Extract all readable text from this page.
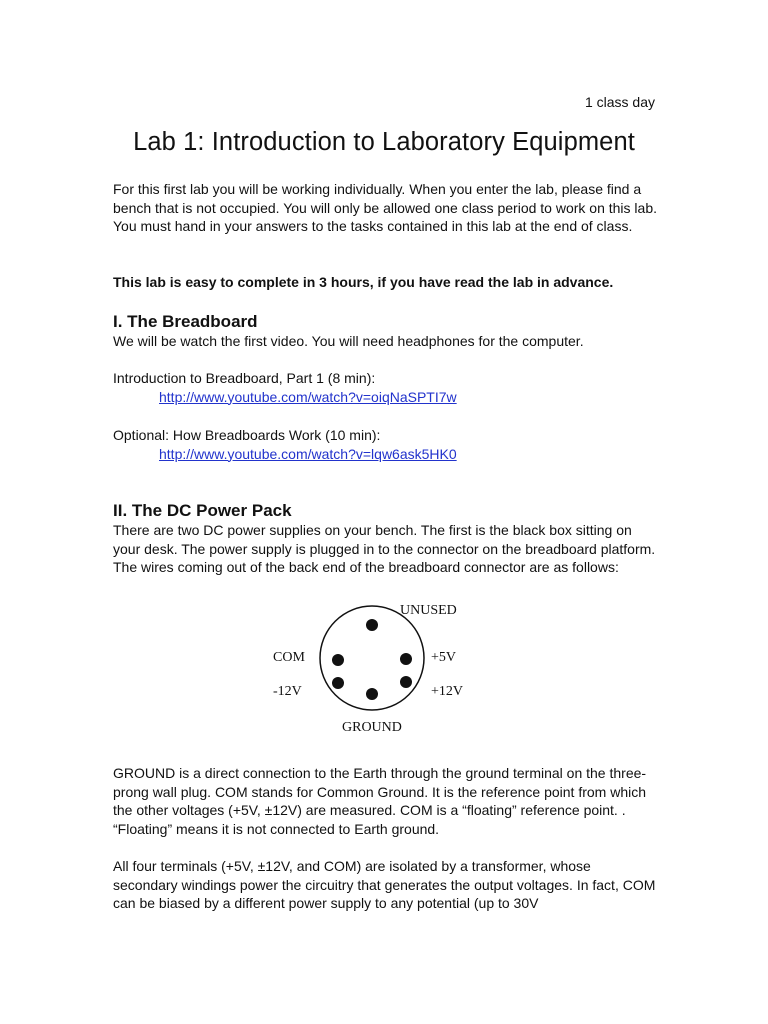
1 class day
Lab 1: Introduction to Laboratory Equipment

For this first lab you will be working individually. When you enter the lab, please find a bench that is not occupied. You will only be allowed one class period to work on this lab. You must hand in your answers to the tasks contained in this lab at the end of class.

This lab is easy to complete in 3 hours, if you have read the lab in advance.

I. The Breadboard

We will be watch the first video. You will need headphones for the computer.

Introduction to Breadboard, Part 1 (8 min):

http://www.youtube.com/watch?v=oiqNaSPTI7w

Optional: How Breadboards Work (10 min):

http://www.youtube.com/watch?v=lqw6ask5HK0

II. The DC Power Pack

There are two DC power supplies on your bench. The first is the black box sitting on your desk. The power supply is plugged in to the connector on the breadboard platform. The wires coming out of the back end of the breadboard connector are as follows:

UNUSED
COM	+5V
-12V	+12V
GROUND

GROUND is a direct connection to the Earth through the ground terminal on the three-prong wall plug. COM stands for Common Ground. It is the reference point from which the other voltages (+5V, ±12V) are measured. COM is a “floating” reference point. . “Floating” means it is not connected to Earth ground.

All four terminals (+5V, ±12V, and COM) are isolated by a transformer, whose secondary windings power the circuitry that generates the output voltages. In fact, COM can be biased by a different power supply to any potential (up to 30V
